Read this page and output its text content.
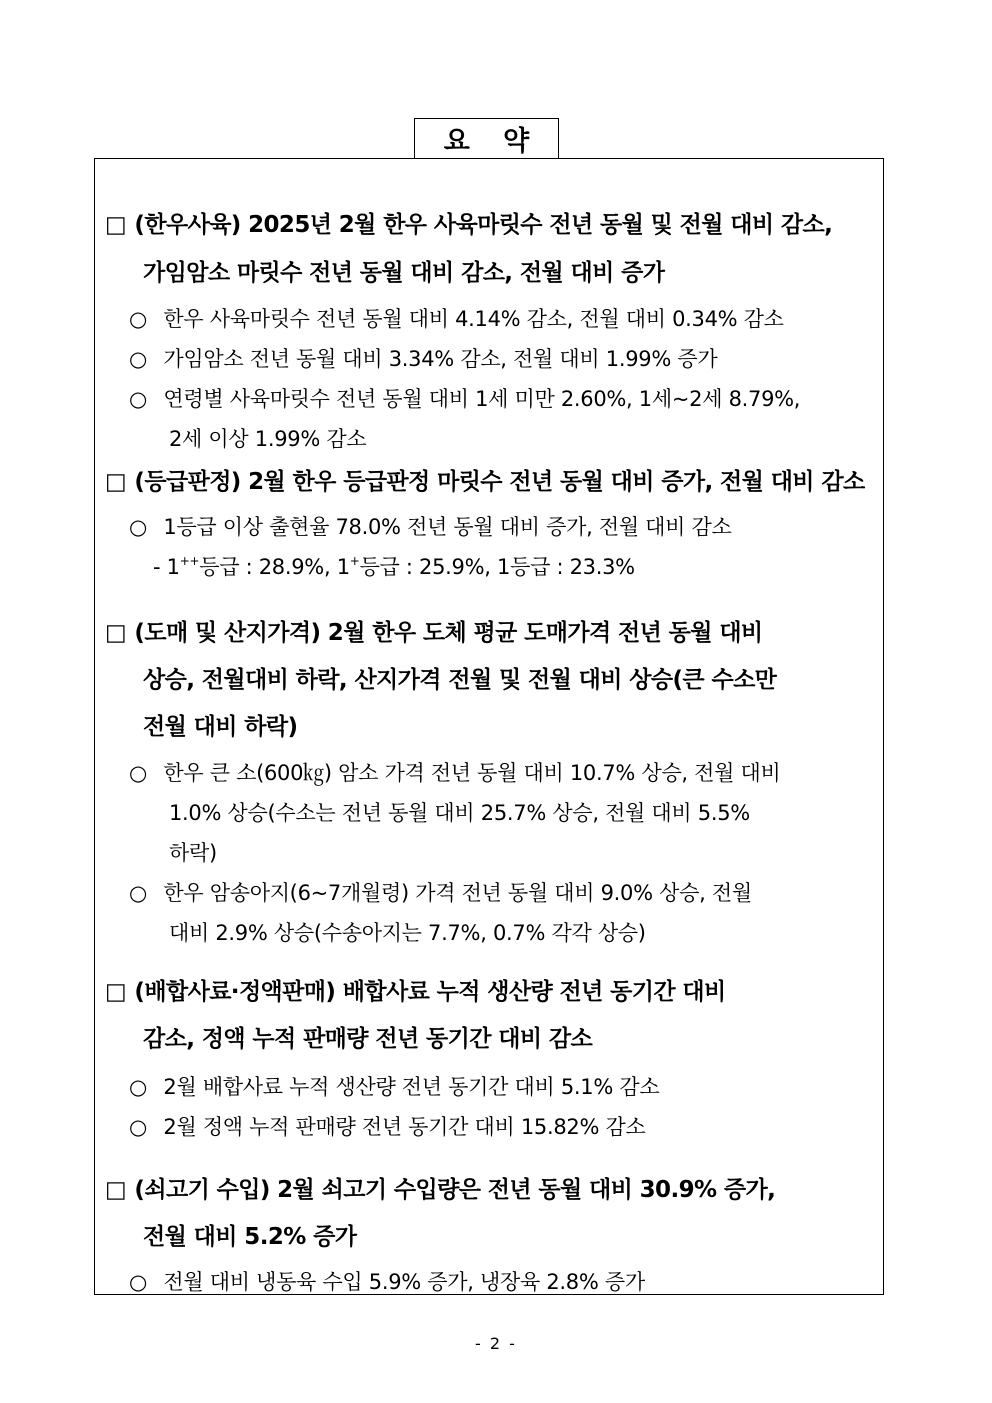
요 약
□ (한우사육) 2025년 2월 한우 사육마릿수 전년 동월 및 전월 대비 감소,
가임암소 마릿수 전년 동월 대비 감소, 전월 대비 증가
○ 한우 사육마릿수 전년 동월 대비 4.14% 감소, 전월 대비 0.34% 감소
○ 가임암소 전년 동월 대비 3.34% 감소, 전월 대비 1.99% 증가
○ 연령별 사육마릿수 전년 동월 대비 1세 미만 2.60%, 1세~2세 8.79%,
2세 이상 1.99% 감소
□ (등급판정) 2월 한우 등급판정 마릿수 전년 동월 대비 증가, 전월 대비 감소
○ 1등급 이상 출현율 78.0% 전년 동월 대비 증가, 전월 대비 감소
- 1++등급 : 28.9%, 1+등급 : 25.9%, 1등급 : 23.3%
□ (도매 및 산지가격) 2월 한우 도체 평균 도매가격 전년 동월 대비
상승, 전월대비 하락, 산지가격 전월 및 전월 대비 상승(큰 수소만
전월 대비 하락)
○ 한우 큰 소(600㎏) 암소 가격 전년 동월 대비 10.7% 상승, 전월 대비
1.0% 상승(수소는 전년 동월 대비 25.7% 상승, 전월 대비 5.5%
하락)
○ 한우 암송아지(6~7개월령) 가격 전년 동월 대비 9.0% 상승, 전월
대비 2.9% 상승(수송아지는 7.7%, 0.7% 각각 상승)
□ (배합사료·정액판매) 배합사료 누적 생산량 전년 동기간 대비
감소, 정액 누적 판매량 전년 동기간 대비 감소
○ 2월 배합사료 누적 생산량 전년 동기간 대비 5.1% 감소
○ 2월 정액 누적 판매량 전년 동기간 대비 15.82% 감소
□ (쇠고기 수입) 2월 쇠고기 수입량은 전년 동월 대비 30.9% 증가,
전월 대비 5.2% 증가
○ 전월 대비 냉동육 수입 5.9% 증가, 냉장육 2.8% 증가
- 2 -
